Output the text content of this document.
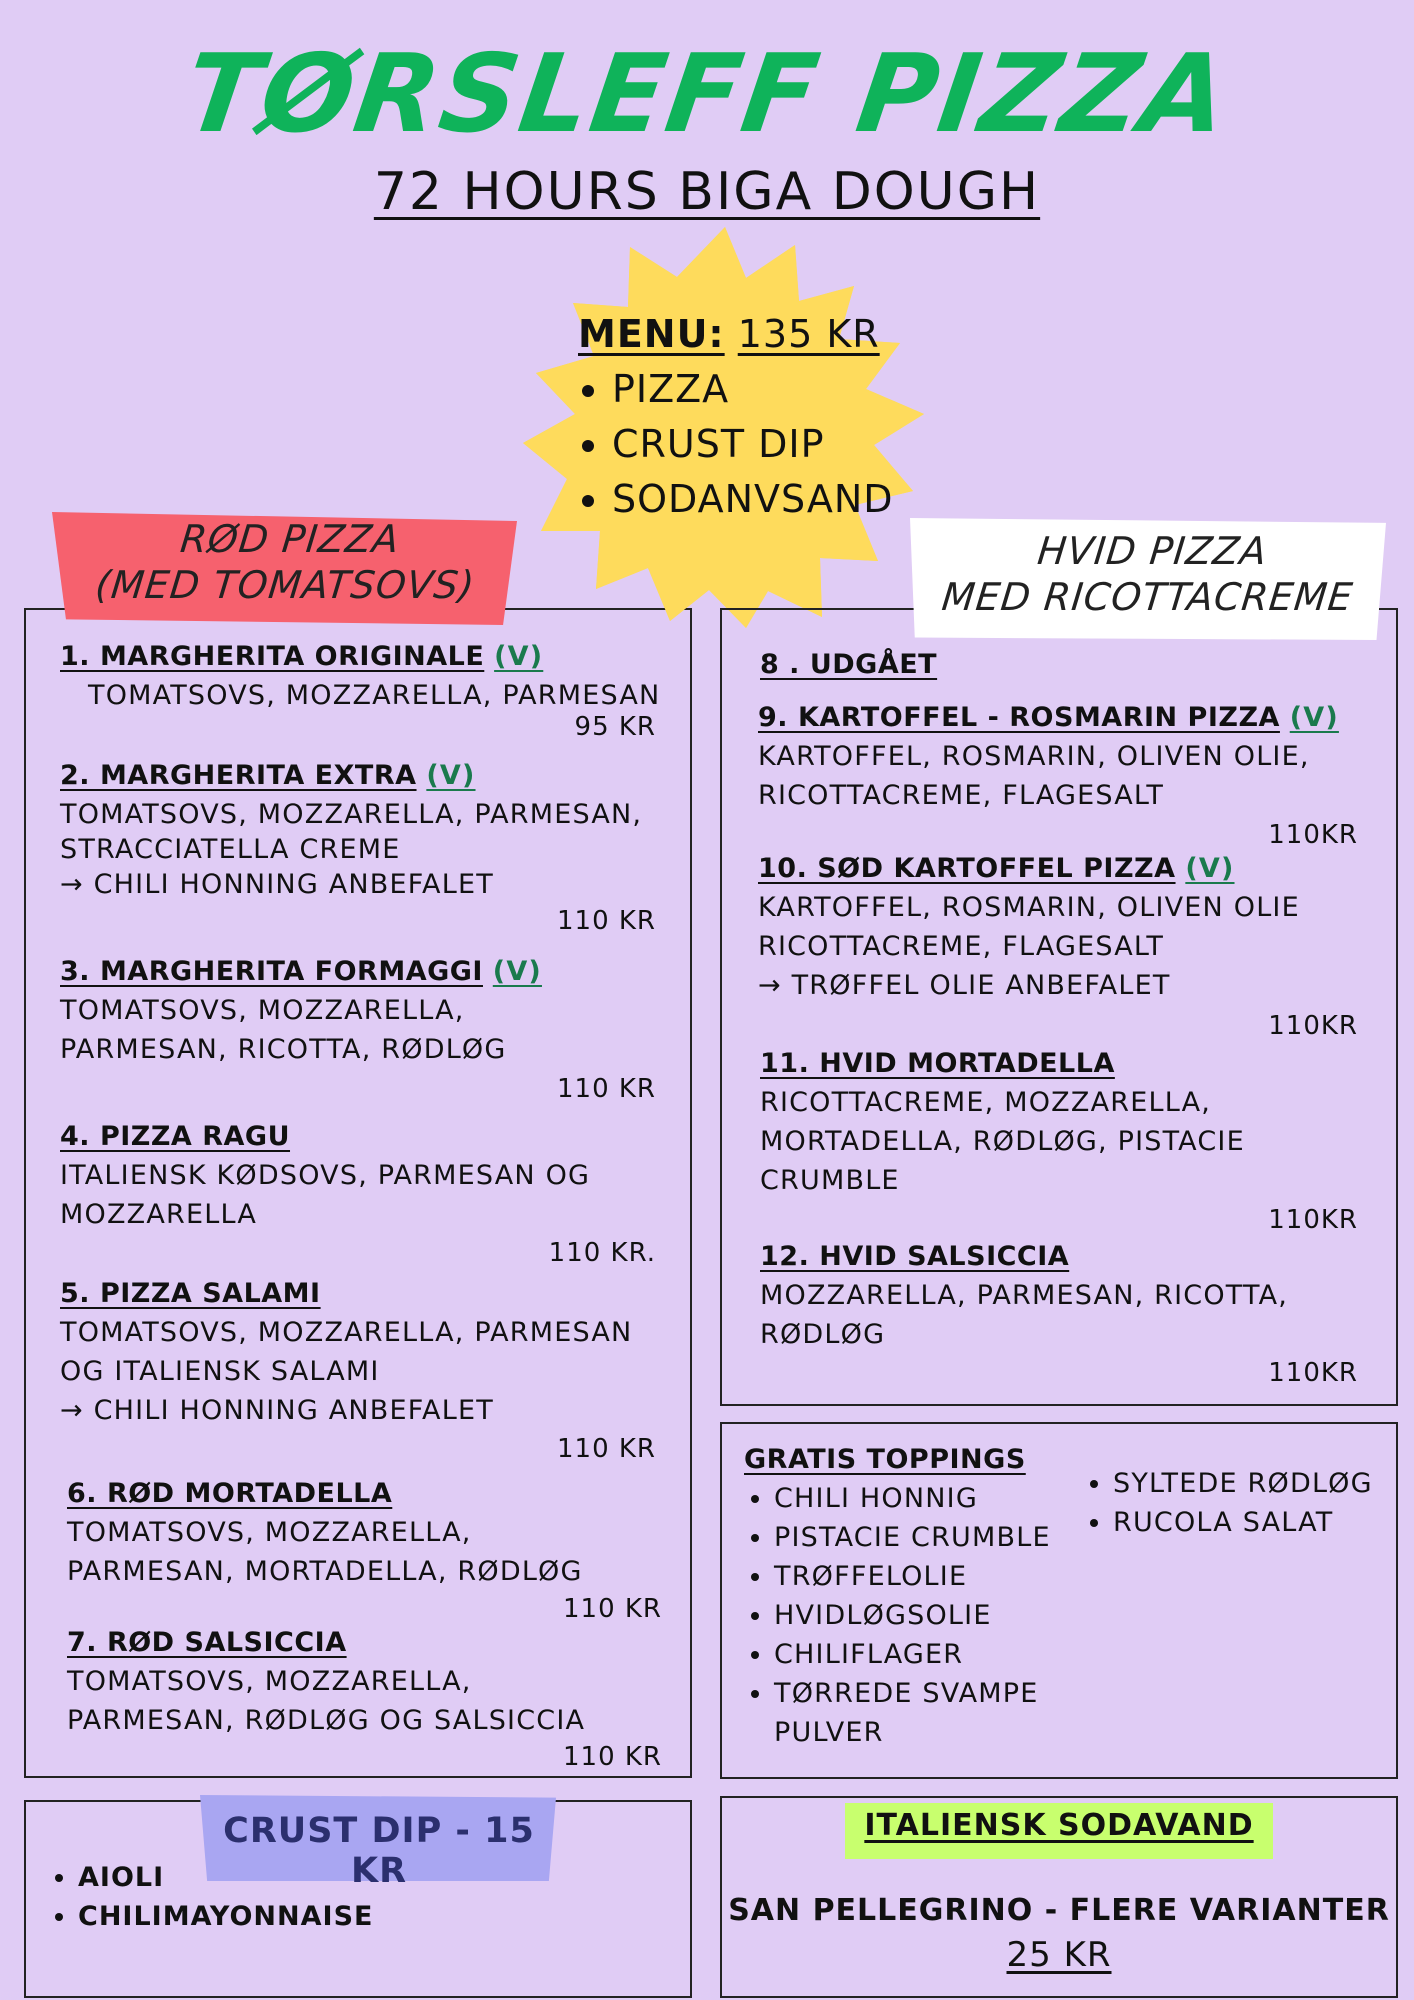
TØRSLEFF PIZZA
72 HOURS BIGA DOUGH
RØD PIZZA
(MED TOMATSOVS)
MENU: 135 KR
• PIZZA
• CRUST DIP
• SODANVSAND
1. MARGHERITA ORIGINALE (V)
TOMATSOVS, MOZZARELLA, PARMESAN
95 KR
2. MARGHERITA EXTRA (V)
TOMATSOVS, MOZZARELLA, PARMESAN,
STRACCIATELLA CREME
→ CHILI HONNING ANBEFALET
110 KR
3. MARGHERITA FORMAGGI (V)
TOMATSOVS, MOZZARELLA,
PARMESAN, RICOTTA, RØDLØG
110 KR
4. PIZZA RAGU
ITALIENSK KØDSOVS, PARMESAN OG
MOZZARELLA
110 KR.
5. PIZZA SALAMI
TOMATSOVS, MOZZARELLA, PARMESAN
OG ITALIENSK SALAMI
→ CHILI HONNING ANBEFALET
110 KR
6. RØD MORTADELLA
TOMATSOVS, MOZZARELLA,
PARMESAN, MORTADELLA, RØDLØG
110 KR
7. RØD SALSICCIA
TOMATSOVS, MOZZARELLA,
PARMESAN, RØDLØG OG SALSICCIA
110 KR
HVID PIZZA
MED RICOTTACREME
8 . UDGÅET
9. KARTOFFEL - ROSMARIN PIZZA (V)
KARTOFFEL, ROSMARIN, OLIVEN OLIE,
RICOTTACREME, FLAGESALT
110KR
10. SØD KARTOFFEL PIZZA (V)
KARTOFFEL, ROSMARIN, OLIVEN OLIE
RICOTTACREME, FLAGESALT
→ TRØFFEL OLIE ANBEFALET
110KR
11. HVID MORTADELLA
RICOTTACREME, MOZZARELLA,
MORTADELLA, RØDLØG, PISTACIE
CRUMBLE
110KR
12. HVID SALSICCIA
MOZZARELLA, PARMESAN, RICOTTA,
RØDLØG
110KR
GRATIS TOPPINGS
• CHILI HONNIG
• PISTACIE CRUMBLE
• TRØFFELOLIE
• HVIDLØGSOLIE
• CHILIFLAGER
• TØRREDE SVAMPE PULVER
• SYLTEDE RØDLØG
• RUCOLA SALAT
CRUST DIP - 15 KR
• AIOLI
• CHILIMAYONNAISE
ITALIENSK SODAVAND
SAN PELLEGRINO - FLERE VARIANTER
25 KR
